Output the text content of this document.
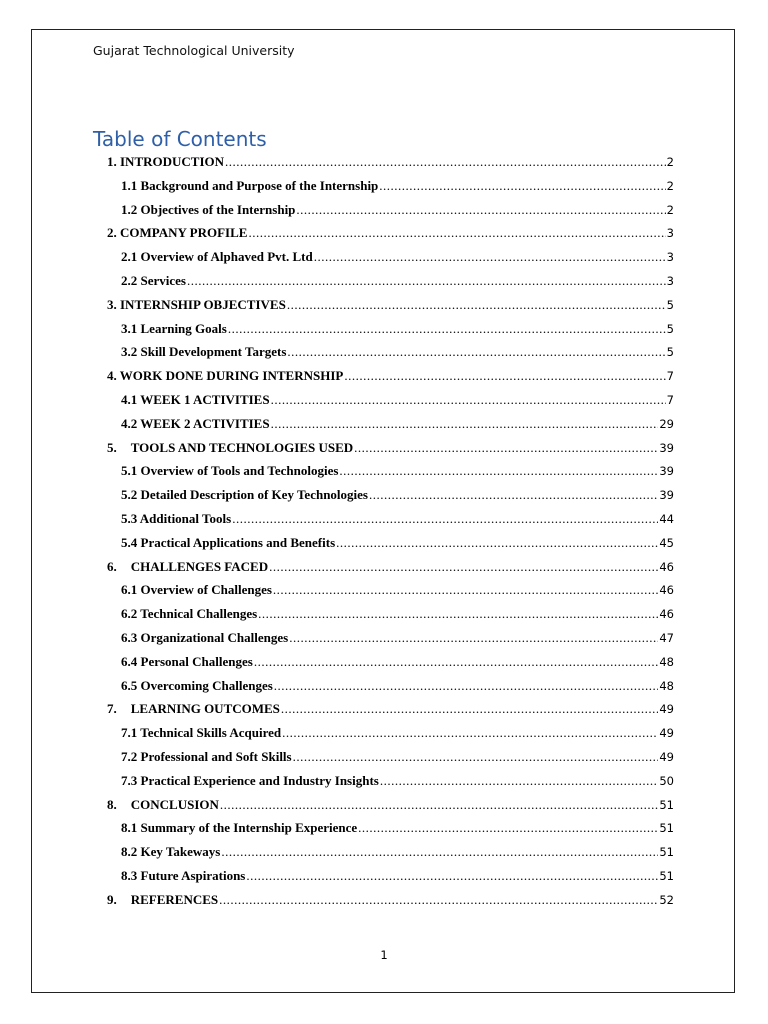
Gujarat Technological University
Table of Contents
1. INTRODUCTION .....	2
1.1 Background and Purpose of the Internship .....	2
1.2 Objectives of the Internship .....	2
2. COMPANY PROFILE .....	3
2.1 Overview of Alphaved Pvt. Ltd .....	3
2.2 Services .....	3
3. INTERNSHIP OBJECTIVES .....	5
3.1 Learning Goals .....	5
3.2 Skill Development Targets .....	5
4. WORK DONE DURING INTERNSHIP .....	7
4.1 WEEK 1 ACTIVITIES .....	7
4.2 WEEK 2 ACTIVITIES .....	29
5. TOOLS AND TECHNOLOGIES USED .....	39
5.1 Overview of Tools and Technologies .....	39
5.2 Detailed Description of Key Technologies .....	39
5.3 Additional Tools .....	44
5.4 Practical Applications and Benefits .....	45
6. CHALLENGES FACED .....	46
6.1 Overview of Challenges .....	46
6.2 Technical Challenges .....	46
6.3 Organizational Challenges .....	47
6.4 Personal Challenges .....	48
6.5 Overcoming Challenges .....	48
7. LEARNING OUTCOMES .....	49
7.1 Technical Skills Acquired .....	49
7.2 Professional and Soft Skills .....	49
7.3 Practical Experience and Industry Insights .....	50
8. CONCLUSION .....	51
8.1 Summary of the Internship Experience .....	51
8.2 Key Takeways .....	51
8.3 Future Aspirations .....	51
9. REFERENCES .....	52
1
